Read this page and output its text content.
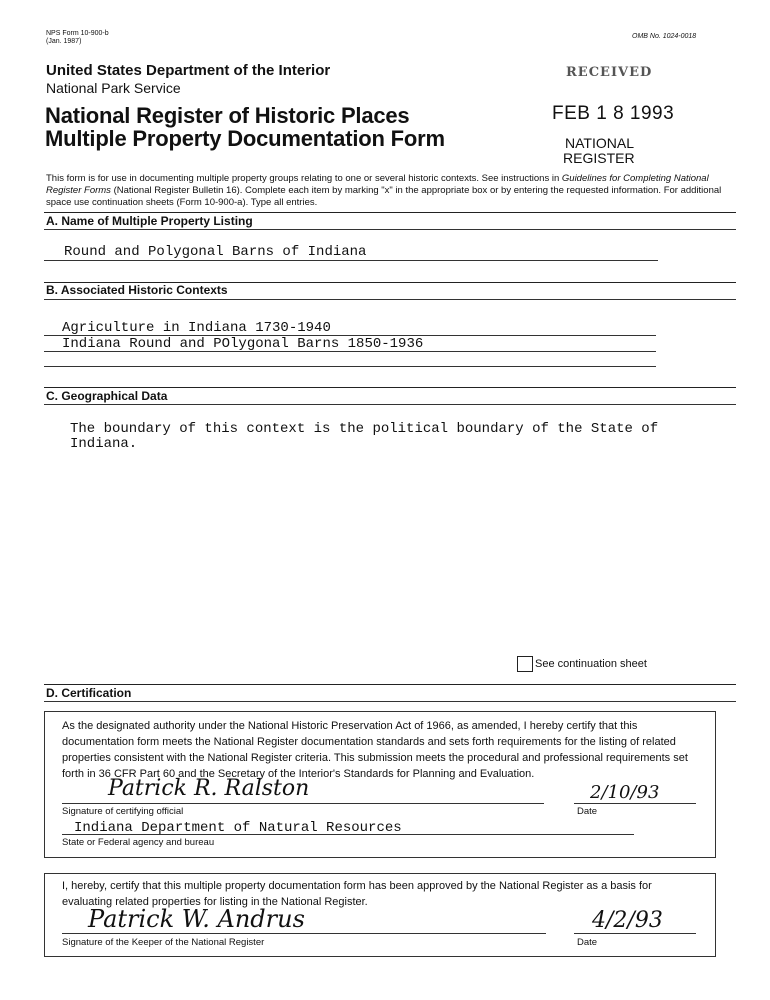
NPS Form 10-900-b
(Jan. 1987)
OMB No. 1024-0018
United States Department of the Interior
National Park Service
National Register of Historic Places
Multiple Property Documentation Form
RECEIVED
FEB 1 8 1993
NATIONAL
REGISTER
This form is for use in documenting multiple property groups relating to one or several historic contexts. See instructions in Guidelines for Completing National Register Forms (National Register Bulletin 16). Complete each item by marking "x" in the appropriate box or by entering the requested information. For additional space use continuation sheets (Form 10-900-a). Type all entries.
A. Name of Multiple Property Listing
Round and Polygonal Barns of Indiana
B. Associated Historic Contexts
Agriculture in Indiana 1730-1940
Indiana Round and POlygonal Barns 1850-1936
C. Geographical Data
The boundary of this context is the political boundary of the State of
Indiana.
See continuation sheet
D. Certification
As the designated authority under the National Historic Preservation Act of 1966, as amended, I hereby certify that this documentation form meets the National Register documentation standards and sets forth requirements for the listing of related properties consistent with the National Register criteria. This submission meets the procedural and professional requirements set forth in 36 CFR Part 60 and the Secretary of the Interior's Standards for Planning and Evaluation.
Patrick R. Ralston	2/10/93
Signature of certifying official	Date
Indiana Department of Natural Resources
State or Federal agency and bureau
I, hereby, certify that this multiple property documentation form has been approved by the National Register as a basis for evaluating related properties for listing in the National Register.
Patrick W. Andrus	4/2/93
Signature of the Keeper of the National Register	Date
